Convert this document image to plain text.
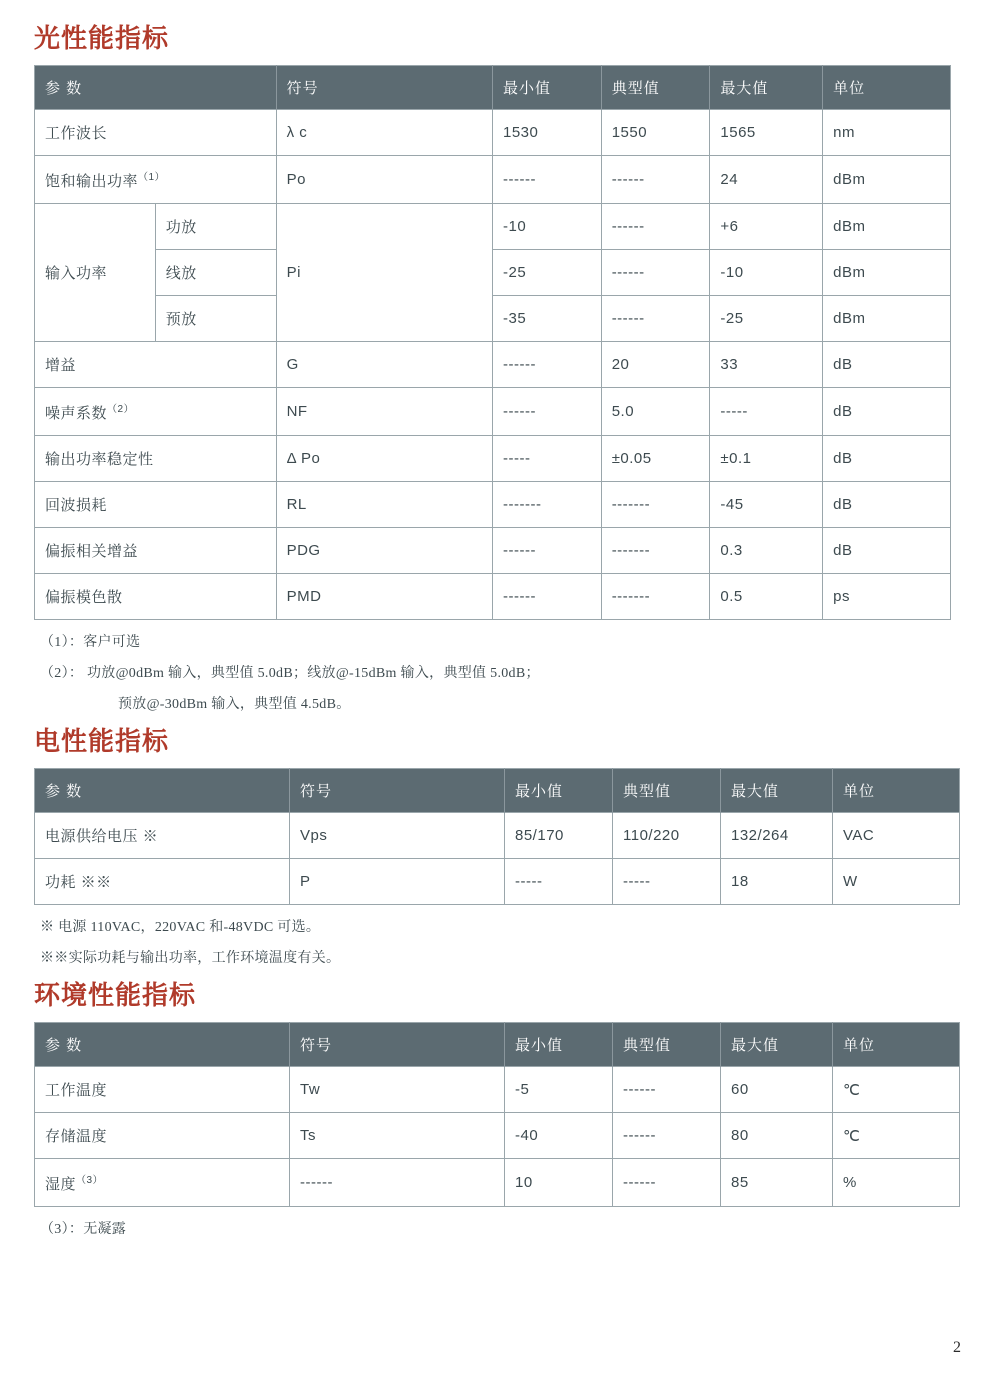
光性能指标
参 数		符号	最小值	典型值	最大值	单位
工作波长		λ c	1530	1550	1565	nm
饱和输出功率$^{(1)}$		Po	------	------	24	dBm
输入功率	功放	Pi	-10	------	+6	dBm
	线放		-25	------	-10	dBm
	预放		-35	------	-25	dBm
增益		G	------	20	33	dB
噪声系数$^{(2)}$		NF	------	5.0	-----	dB
输出功率稳定性		Δ Po	-----	±0.05	±0.1	dB
回波损耗		RL	-------	-------	-45	dB
偏振相关增益		PDG	------	-------	0.3	dB
偏振模色散		PMD	------	-------	0.5	ps
（1）：客户可选
（2）： 功放@0dBm 输入，典型值 5.0dB；线放@-15dBm 输入，典型值 5.0dB；
预放@-30dBm 输入，典型值 4.5dB。
电性能指标
参 数	符号	最小值	典型值	最大值	单位
电源供给电压 ※	Vps	85/170	110/220	132/264	VAC
功耗 ※※	P	-----	-----	18	W
※ 电源 110VAC，220VAC 和-48VDC 可选。
※※实际功耗与输出功率，工作环境温度有关。
环境性能指标
参 数	符号	最小值	典型值	最大值	单位
工作温度	Tw	-5	------	60	℃
存储温度	Ts	-40	------	80	℃
湿度$^{(3)}$	------	10	------	85	%
（3）：无凝露
2
